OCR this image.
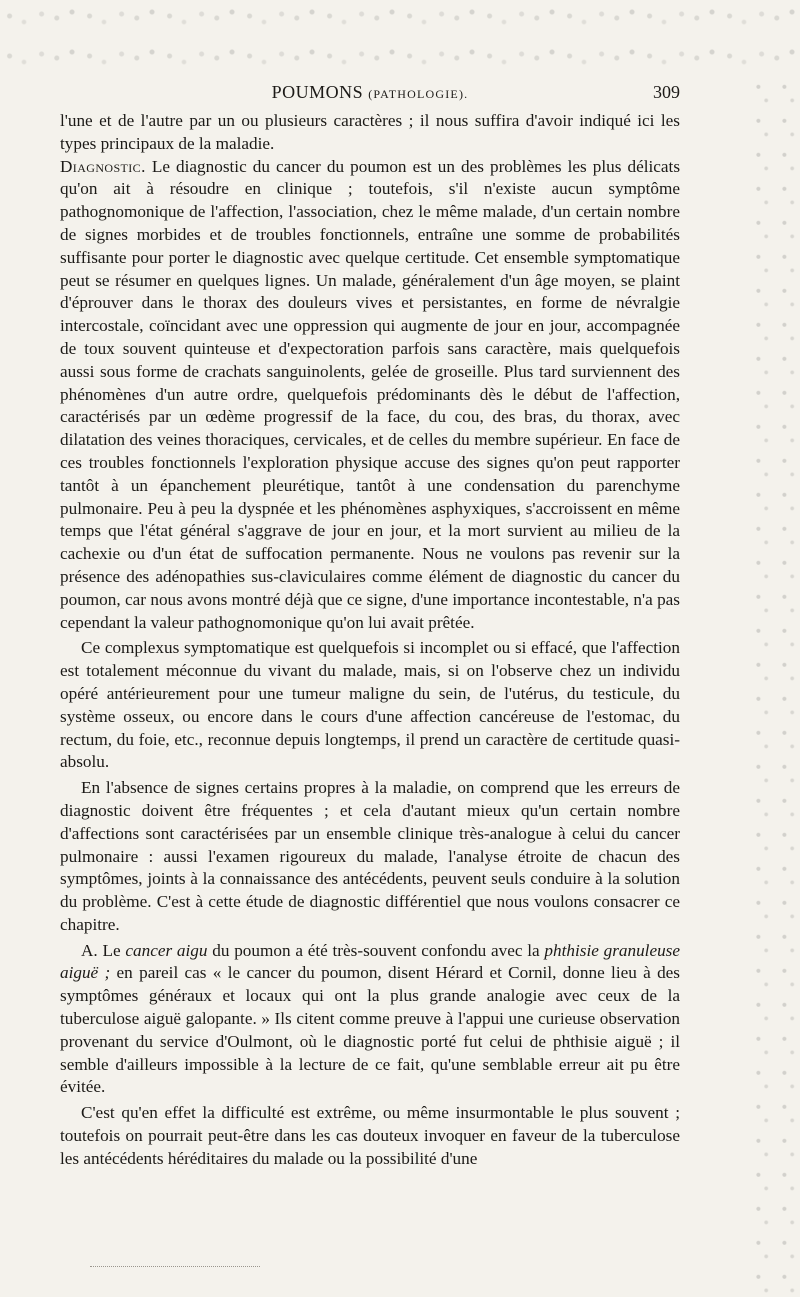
POUMONS (PATHOLOGIE).	309

l'une et de l'autre par un ou plusieurs caractères ; il nous suffira d'avoir indiqué ici les types principaux de la maladie.

Diagnostic. Le diagnostic du cancer du poumon est un des problèmes les plus délicats qu'on ait à résoudre en clinique ; toutefois, s'il n'existe aucun symptôme pathognomonique de l'affection, l'association, chez le même malade, d'un certain nombre de signes morbides et de troubles fonctionnels, entraîne une somme de probabilités suffisante pour porter le diagnostic avec quelque certitude. Cet ensemble symptomatique peut se résumer en quelques lignes. Un malade, généralement d'un âge moyen, se plaint d'éprouver dans le thorax des douleurs vives et persistantes, en forme de névralgie intercostale, coïncidant avec une oppression qui augmente de jour en jour, accompagnée de toux souvent quinteuse et d'expectoration parfois sans caractère, mais quelquefois aussi sous forme de crachats sanguinolents, gelée de groseille. Plus tard surviennent des phénomènes d'un autre ordre, quelquefois prédominants dès le début de l'affection, caractérisés par un œdème progressif de la face, du cou, des bras, du thorax, avec dilatation des veines thoraciques, cervicales, et de celles du membre supérieur. En face de ces troubles fonctionnels l'exploration physique accuse des signes qu'on peut rapporter tantôt à un épanchement pleurétique, tantôt à une condensation du parenchyme pulmonaire. Peu à peu la dyspnée et les phénomènes asphyxiques, s'accroissent en même temps que l'état général s'aggrave de jour en jour, et la mort survient au milieu de la cachexie ou d'un état de suffocation permanente. Nous ne voulons pas revenir sur la présence des adénopathies sus-claviculaires comme élément de diagnostic du cancer du poumon, car nous avons montré déjà que ce signe, d'une importance incontestable, n'a pas cependant la valeur pathognomonique qu'on lui avait prêtée.

Ce complexus symptomatique est quelquefois si incomplet ou si effacé, que l'affection est totalement méconnue du vivant du malade, mais, si on l'observe chez un individu opéré antérieurement pour une tumeur maligne du sein, de l'utérus, du testicule, du système osseux, ou encore dans le cours d'une affection cancéreuse de l'estomac, du rectum, du foie, etc., reconnue depuis longtemps, il prend un caractère de certitude quasi-absolu.

En l'absence de signes certains propres à la maladie, on comprend que les erreurs de diagnostic doivent être fréquentes ; et cela d'autant mieux qu'un certain nombre d'affections sont caractérisées par un ensemble clinique très-analogue à celui du cancer pulmonaire : aussi l'examen rigoureux du malade, l'analyse étroite de chacun des symptômes, joints à la connaissance des antécédents, peuvent seuls conduire à la solution du problème. C'est à cette étude de diagnostic différentiel que nous voulons consacrer ce chapitre.

A. Le cancer aigu du poumon a été très-souvent confondu avec la phthisie granuleuse aiguë ; en pareil cas « le cancer du poumon, disent Hérard et Cornil, donne lieu à des symptômes généraux et locaux qui ont la plus grande analogie avec ceux de la tuberculose aiguë galopante. » Ils citent comme preuve à l'appui une curieuse observation provenant du service d'Oulmont, où le diagnostic porté fut celui de phthisie aiguë ; il semble d'ailleurs impossible à la lecture de ce fait, qu'une semblable erreur ait pu être évitée.

C'est qu'en effet la difficulté est extrême, ou même insurmontable le plus souvent ; toutefois on pourrait peut-être dans les cas douteux invoquer en faveur de la tuberculose les antécédents héréditaires du malade ou la possibilité d'une
